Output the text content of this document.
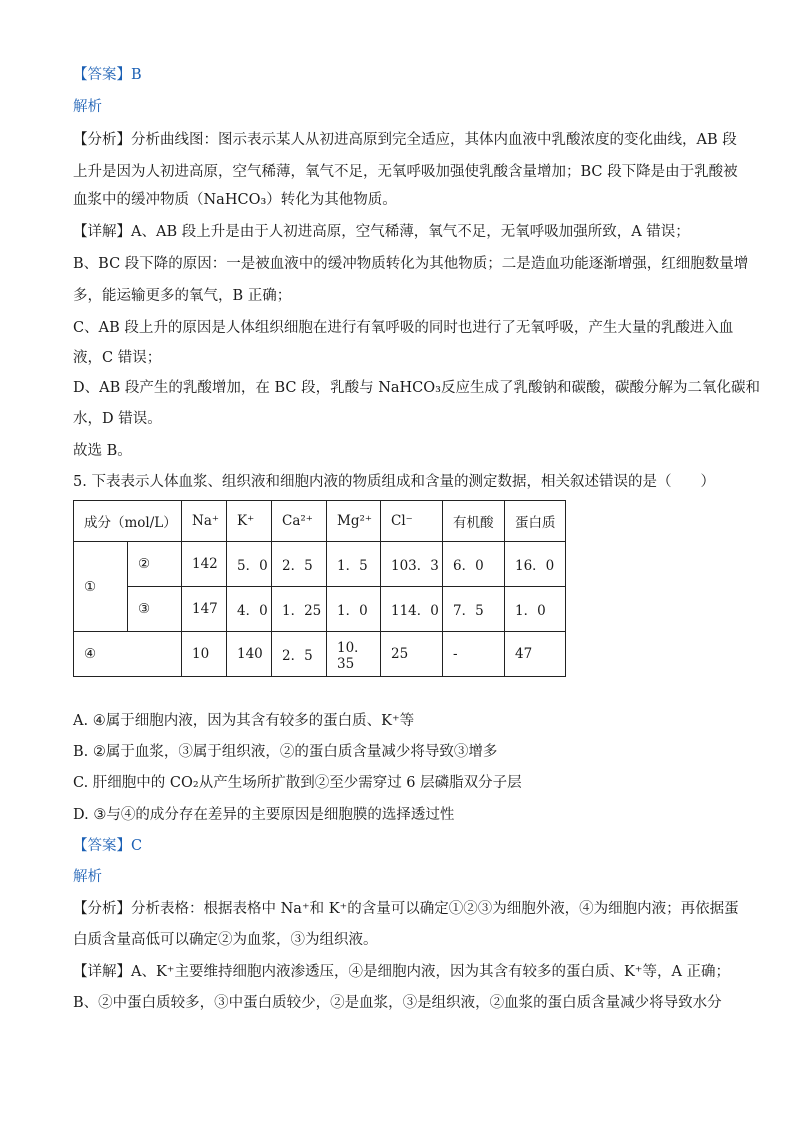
【答案】B
解析
【分析】分析曲线图：图示表示某人从初进高原到完全适应，其体内血液中乳酸浓度的变化曲线，AB 段
上升是因为人初进高原，空气稀薄，氧气不足，无氧呼吸加强使乳酸含量增加；BC 段下降是由于乳酸被
血浆中的缓冲物质（NaHCO₃）转化为其他物质。
【详解】A、AB 段上升是由于人初进高原，空气稀薄，氧气不足，无氧呼吸加强所致，A 错误；
B、BC 段下降的原因：一是被血液中的缓冲物质转化为其他物质；二是造血功能逐渐增强，红细胞数量增
多，能运输更多的氧气，B 正确；
C、AB 段上升的原因是人体组织细胞在进行有氧呼吸的同时也进行了无氧呼吸，产生大量的乳酸进入血
液，C 错误；
D、AB 段产生的乳酸增加，在 BC 段，乳酸与 NaHCO₃反应生成了乳酸钠和碳酸，碳酸分解为二氧化碳和
水，D 错误。
故选 B。
5. 下表表示人体血浆、组织液和细胞内液的物质组成和含量的测定数据，相关叙述错误的是（　　）
成分（mol/L）		Na⁺	K⁺	Ca²⁺	Mg²⁺	Cl⁻	有机酸	蛋白质
①	②	142	5．0	2．5	1．5	103．3	6．0	16．0
	③	147	4．0	1．25	1．0	114．0	7．5	1．0
④		10	140	2．5	10．35	25	-	47
A. ④属于细胞内液，因为其含有较多的蛋白质、K⁺等
B. ②属于血浆，③属于组织液，②的蛋白质含量减少将导致③增多
C. 肝细胞中的 CO₂从产生场所扩散到②至少需穿过 6 层磷脂双分子层
D. ③与④的成分存在差异的主要原因是细胞膜的选择透过性
【答案】C
解析
【分析】分析表格：根据表格中 Na⁺和 K⁺的含量可以确定①②③为细胞外液，④为细胞内液；再依据蛋
白质含量高低可以确定②为血浆，③为组织液。
【详解】A、K⁺主要维持细胞内液渗透压，④是细胞内液，因为其含有较多的蛋白质、K⁺等，A 正确；
B、②中蛋白质较多，③中蛋白质较少，②是血浆，③是组织液，②血浆的蛋白质含量减少将导致水分
